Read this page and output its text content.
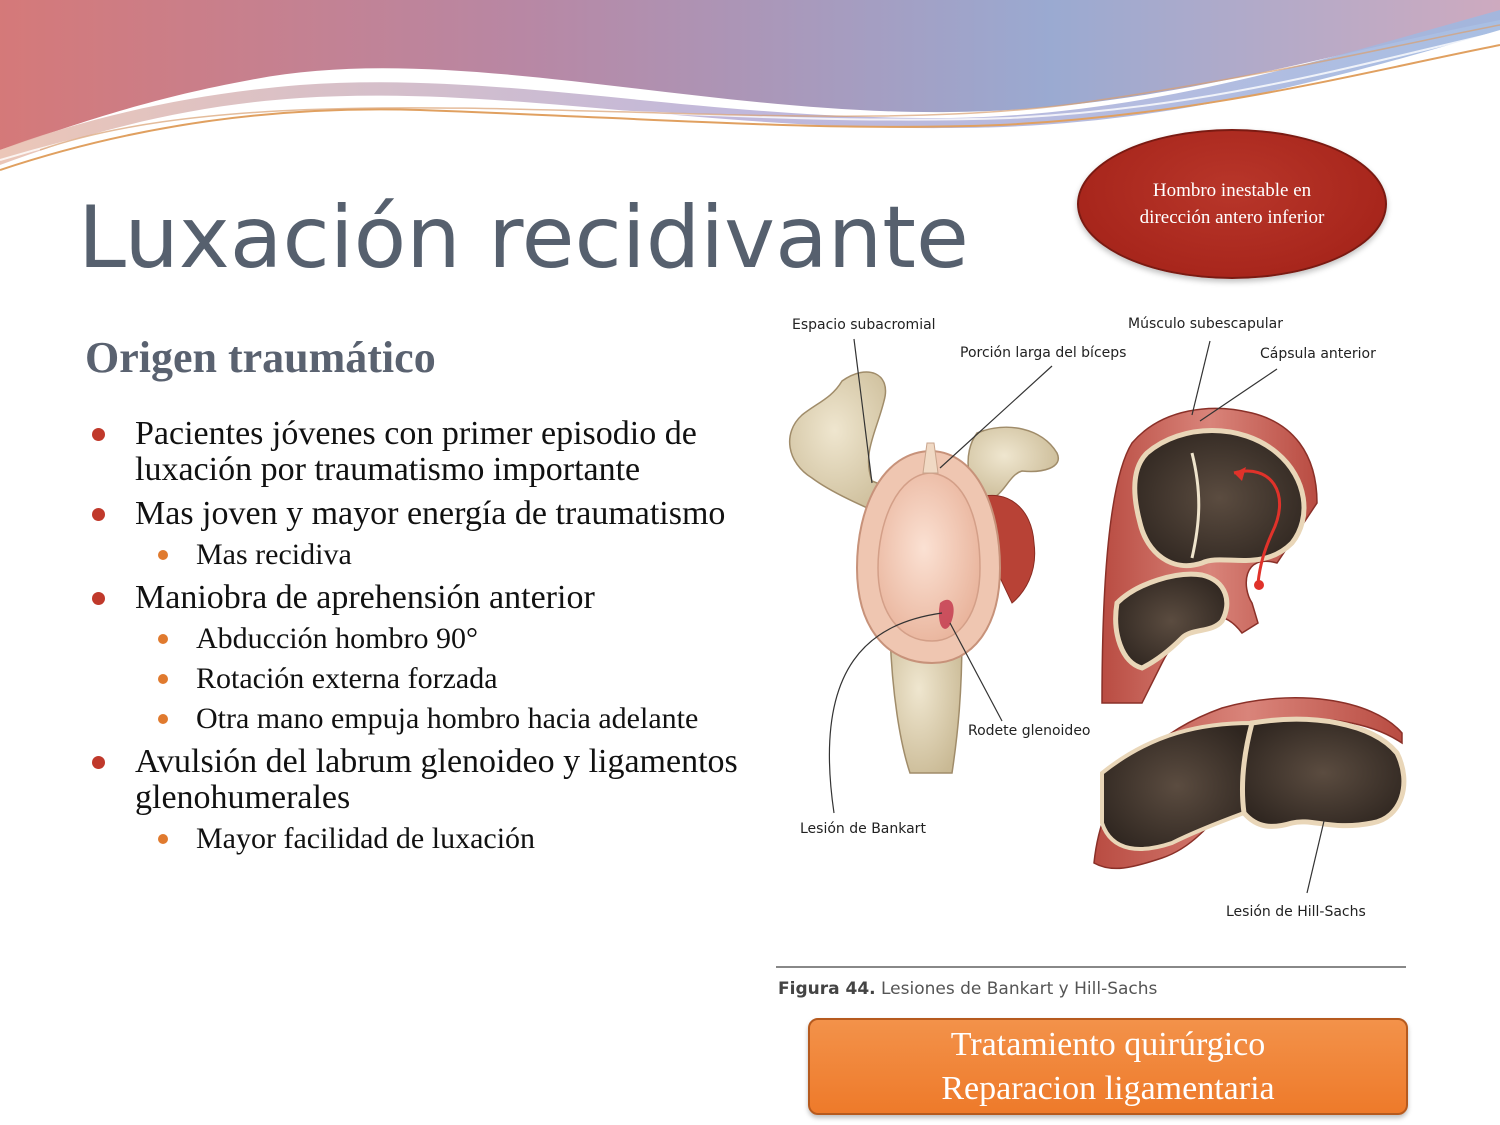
Luxación recidivante	Hombro inestable en dirección antero inferior
Origen traumático
Pacientes jóvenes con primer episodio de luxación por traumatismo importante
Mas joven y mayor energía de traumatismo
Mas recidiva
Maniobra de aprehensión anterior
Abducción hombro 90°
Rotación externa forzada
Otra mano empuja hombro hacia adelante
Avulsión del labrum glenoideo y ligamentos glenohumerales
Mayor facilidad de luxación
Espacio subacromial
Porción larga del bíceps
Músculo subescapular
Cápsula anterior
Rodete glenoideo
Lesión de Bankart
Lesión de Hill-Sachs
Figura 44. Lesiones de Bankart y Hill-Sachs
Tratamiento quirúrgico
Reparacion ligamentaria
